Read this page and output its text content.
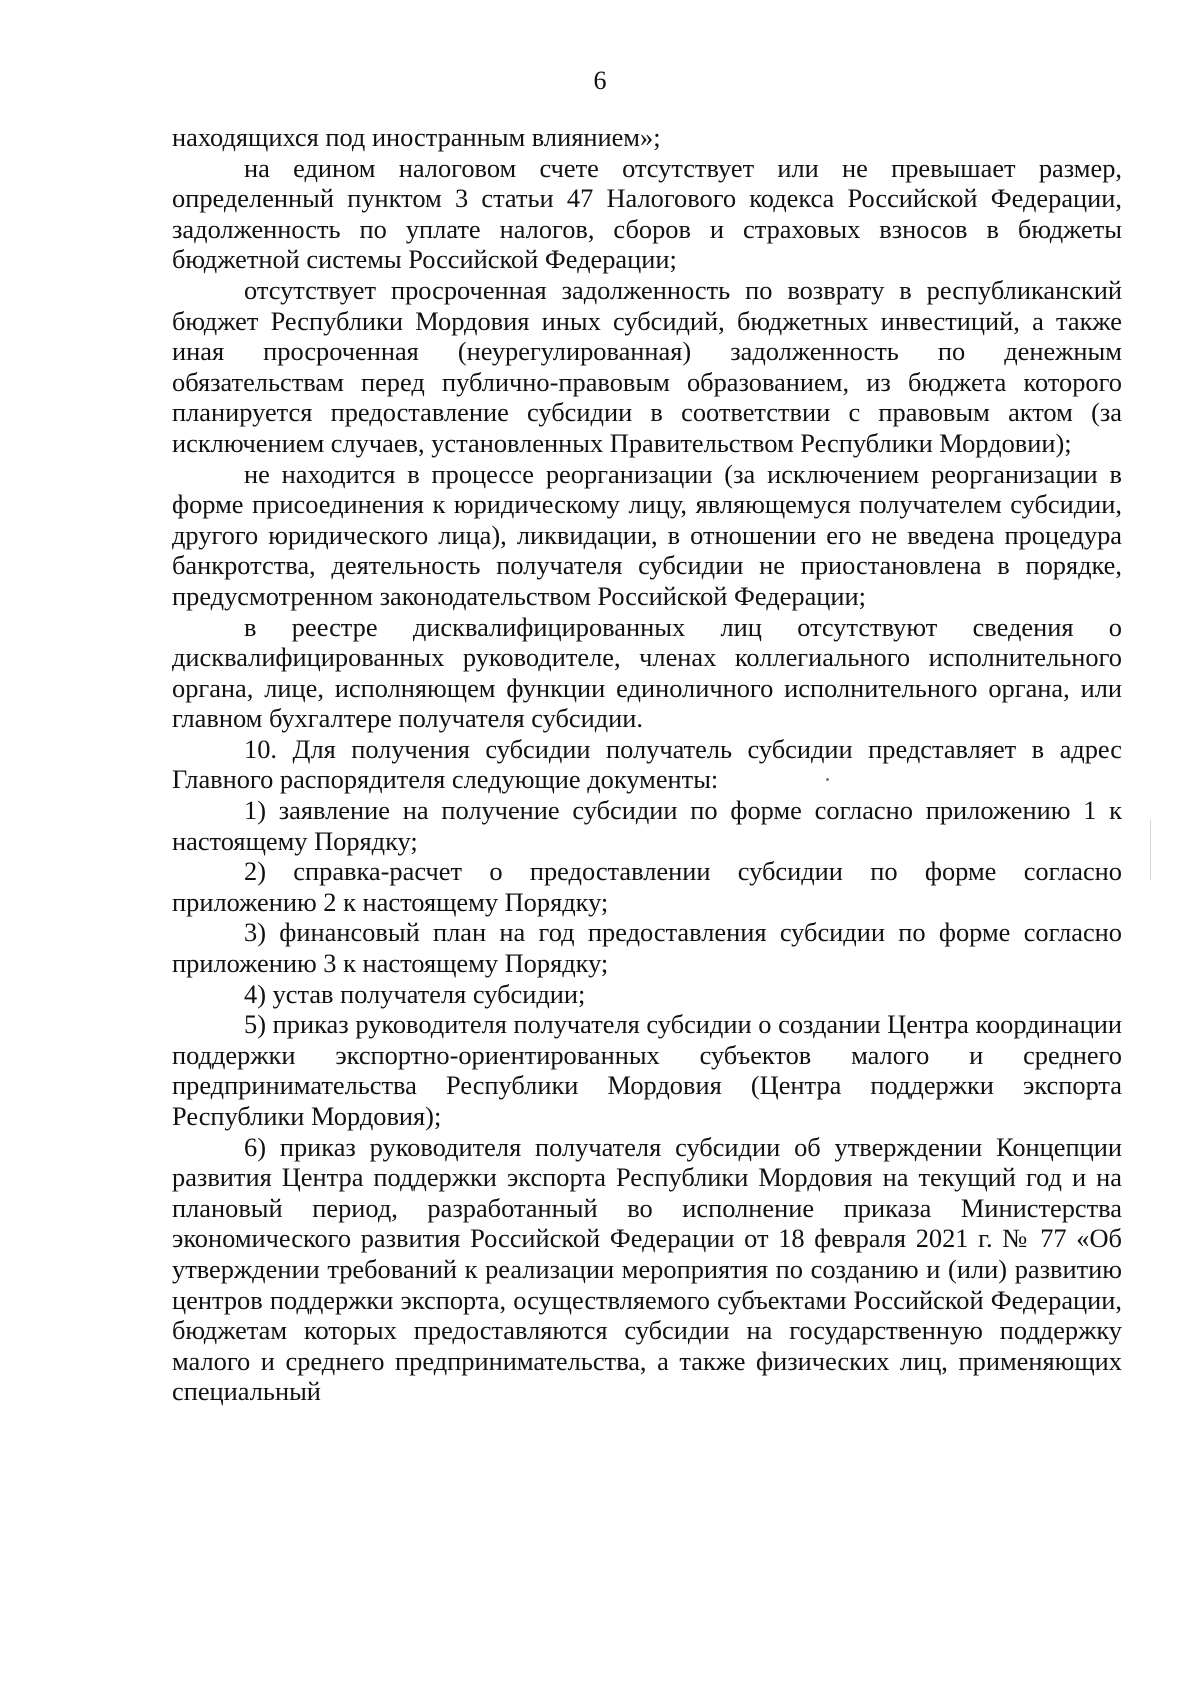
6

находящихся под иностранным влиянием»;

на едином налоговом счете отсутствует или не превышает размер, определенный пунктом 3 статьи 47 Налогового кодекса Российской Федерации, задолженность по уплате налогов, сборов и страховых взносов в бюджеты бюджетной системы Российской Федерации;

отсутствует просроченная задолженность по возврату в республиканский бюджет Республики Мордовия иных субсидий, бюджетных инвестиций, а также иная просроченная (неурегулированная) задолженность по денежным обязательствам перед публично-правовым образованием, из бюджета которого планируется предоставление субсидии в соответствии с правовым актом (за исключением случаев, установленных Правительством Республики Мордовии);

не находится в процессе реорганизации (за исключением реорганизации в форме присоединения к юридическому лицу, являющемуся получателем субсидии, другого юридического лица), ликвидации, в отношении его не введена процедура банкротства, деятельность получателя субсидии не приостановлена в порядке, предусмотренном законодательством Российской Федерации;

в реестре дисквалифицированных лиц отсутствуют сведения о дисквалифицированных руководителе, членах коллегиального исполнительного органа, лице, исполняющем функции единоличного исполнительного органа, или главном бухгалтере получателя субсидии.

10. Для получения субсидии получатель субсидии представляет в адрес Главного распорядителя следующие документы:

1) заявление на получение субсидии по форме согласно приложению 1 к настоящему Порядку;

2) справка-расчет о предоставлении субсидии по форме согласно приложению 2 к настоящему Порядку;

3) финансовый план на год предоставления субсидии по форме согласно приложению 3 к настоящему Порядку;

4) устав получателя субсидии;

5) приказ руководителя получателя субсидии о создании Центра координации поддержки экспортно-ориентированных субъектов малого и среднего предпринимательства Республики Мордовия (Центра поддержки экспорта Республики Мордовия);

6) приказ руководителя получателя субсидии об утверждении Концепции развития Центра поддержки экспорта Республики Мордовия на текущий год и на плановый период, разработанный во исполнение приказа Министерства экономического развития Российской Федерации от 18 февраля 2021 г. № 77 «Об утверждении требований к реализации мероприятия по созданию и (или) развитию центров поддержки экспорта, осуществляемого субъектами Российской Федерации, бюджетам которых предоставляются субсидии на государственную поддержку малого и среднего предпринимательства, а также физических лиц, применяющих специальный
